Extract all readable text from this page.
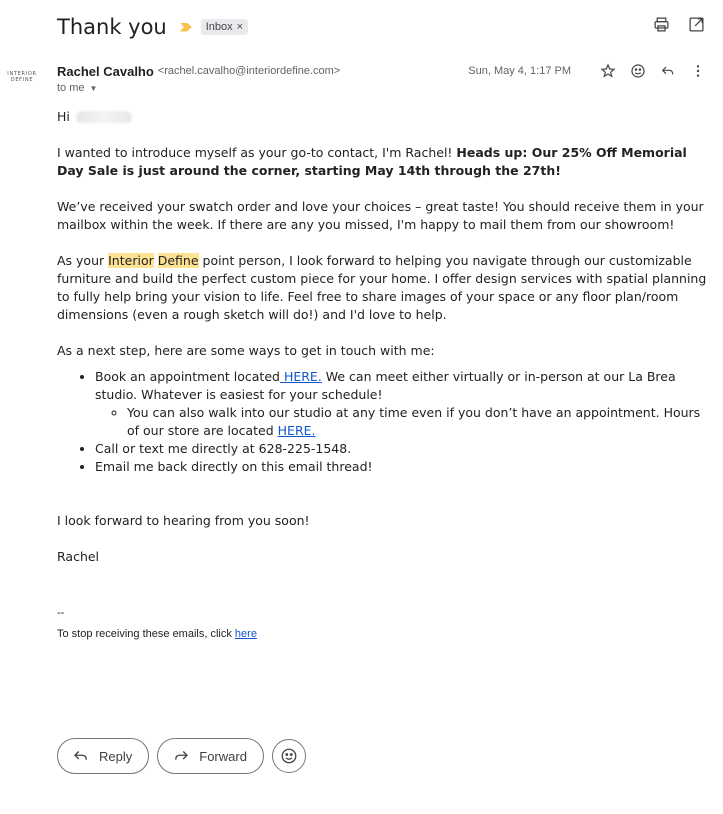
Thank you	Inbox ×
INTERIOR
DEFINE
Rachel Cavalho <rachel.cavalho@interiordefine.com>	Sun, May 4, 1:17 PM
to me ▼

Hi

I wanted to introduce myself as your go-to contact, I'm Rachel! Heads up: Our 25% Off Memorial Day Sale is just around the corner, starting May 14th through the 27th!

We’ve received your swatch order and love your choices – great taste! You should receive them in your mailbox within the week. If there are any you missed, I'm happy to mail them from our showroom!

As your Interior Define point person, I look forward to helping you navigate through our customizable furniture and build the perfect custom piece for your home. I offer design services with spatial planning to fully help bring your vision to life. Feel free to share images of your space or any floor plan/room dimensions (even a rough sketch will do!) and I'd love to help.

As a next step, here are some ways to get in touch with me:

• Book an appointment located HERE. We can meet either virtually or in-person at our La Brea studio. Whatever is easiest for your schedule!
◦ You can also walk into our studio at any time even if you don’t have an appointment. Hours of our store are located HERE.
• Call or text me directly at 628-225-1548.
• Email me back directly on this email thread!

I look forward to hearing from you soon!

Rachel

--
To stop receiving these emails, click here
Reply	Forward
